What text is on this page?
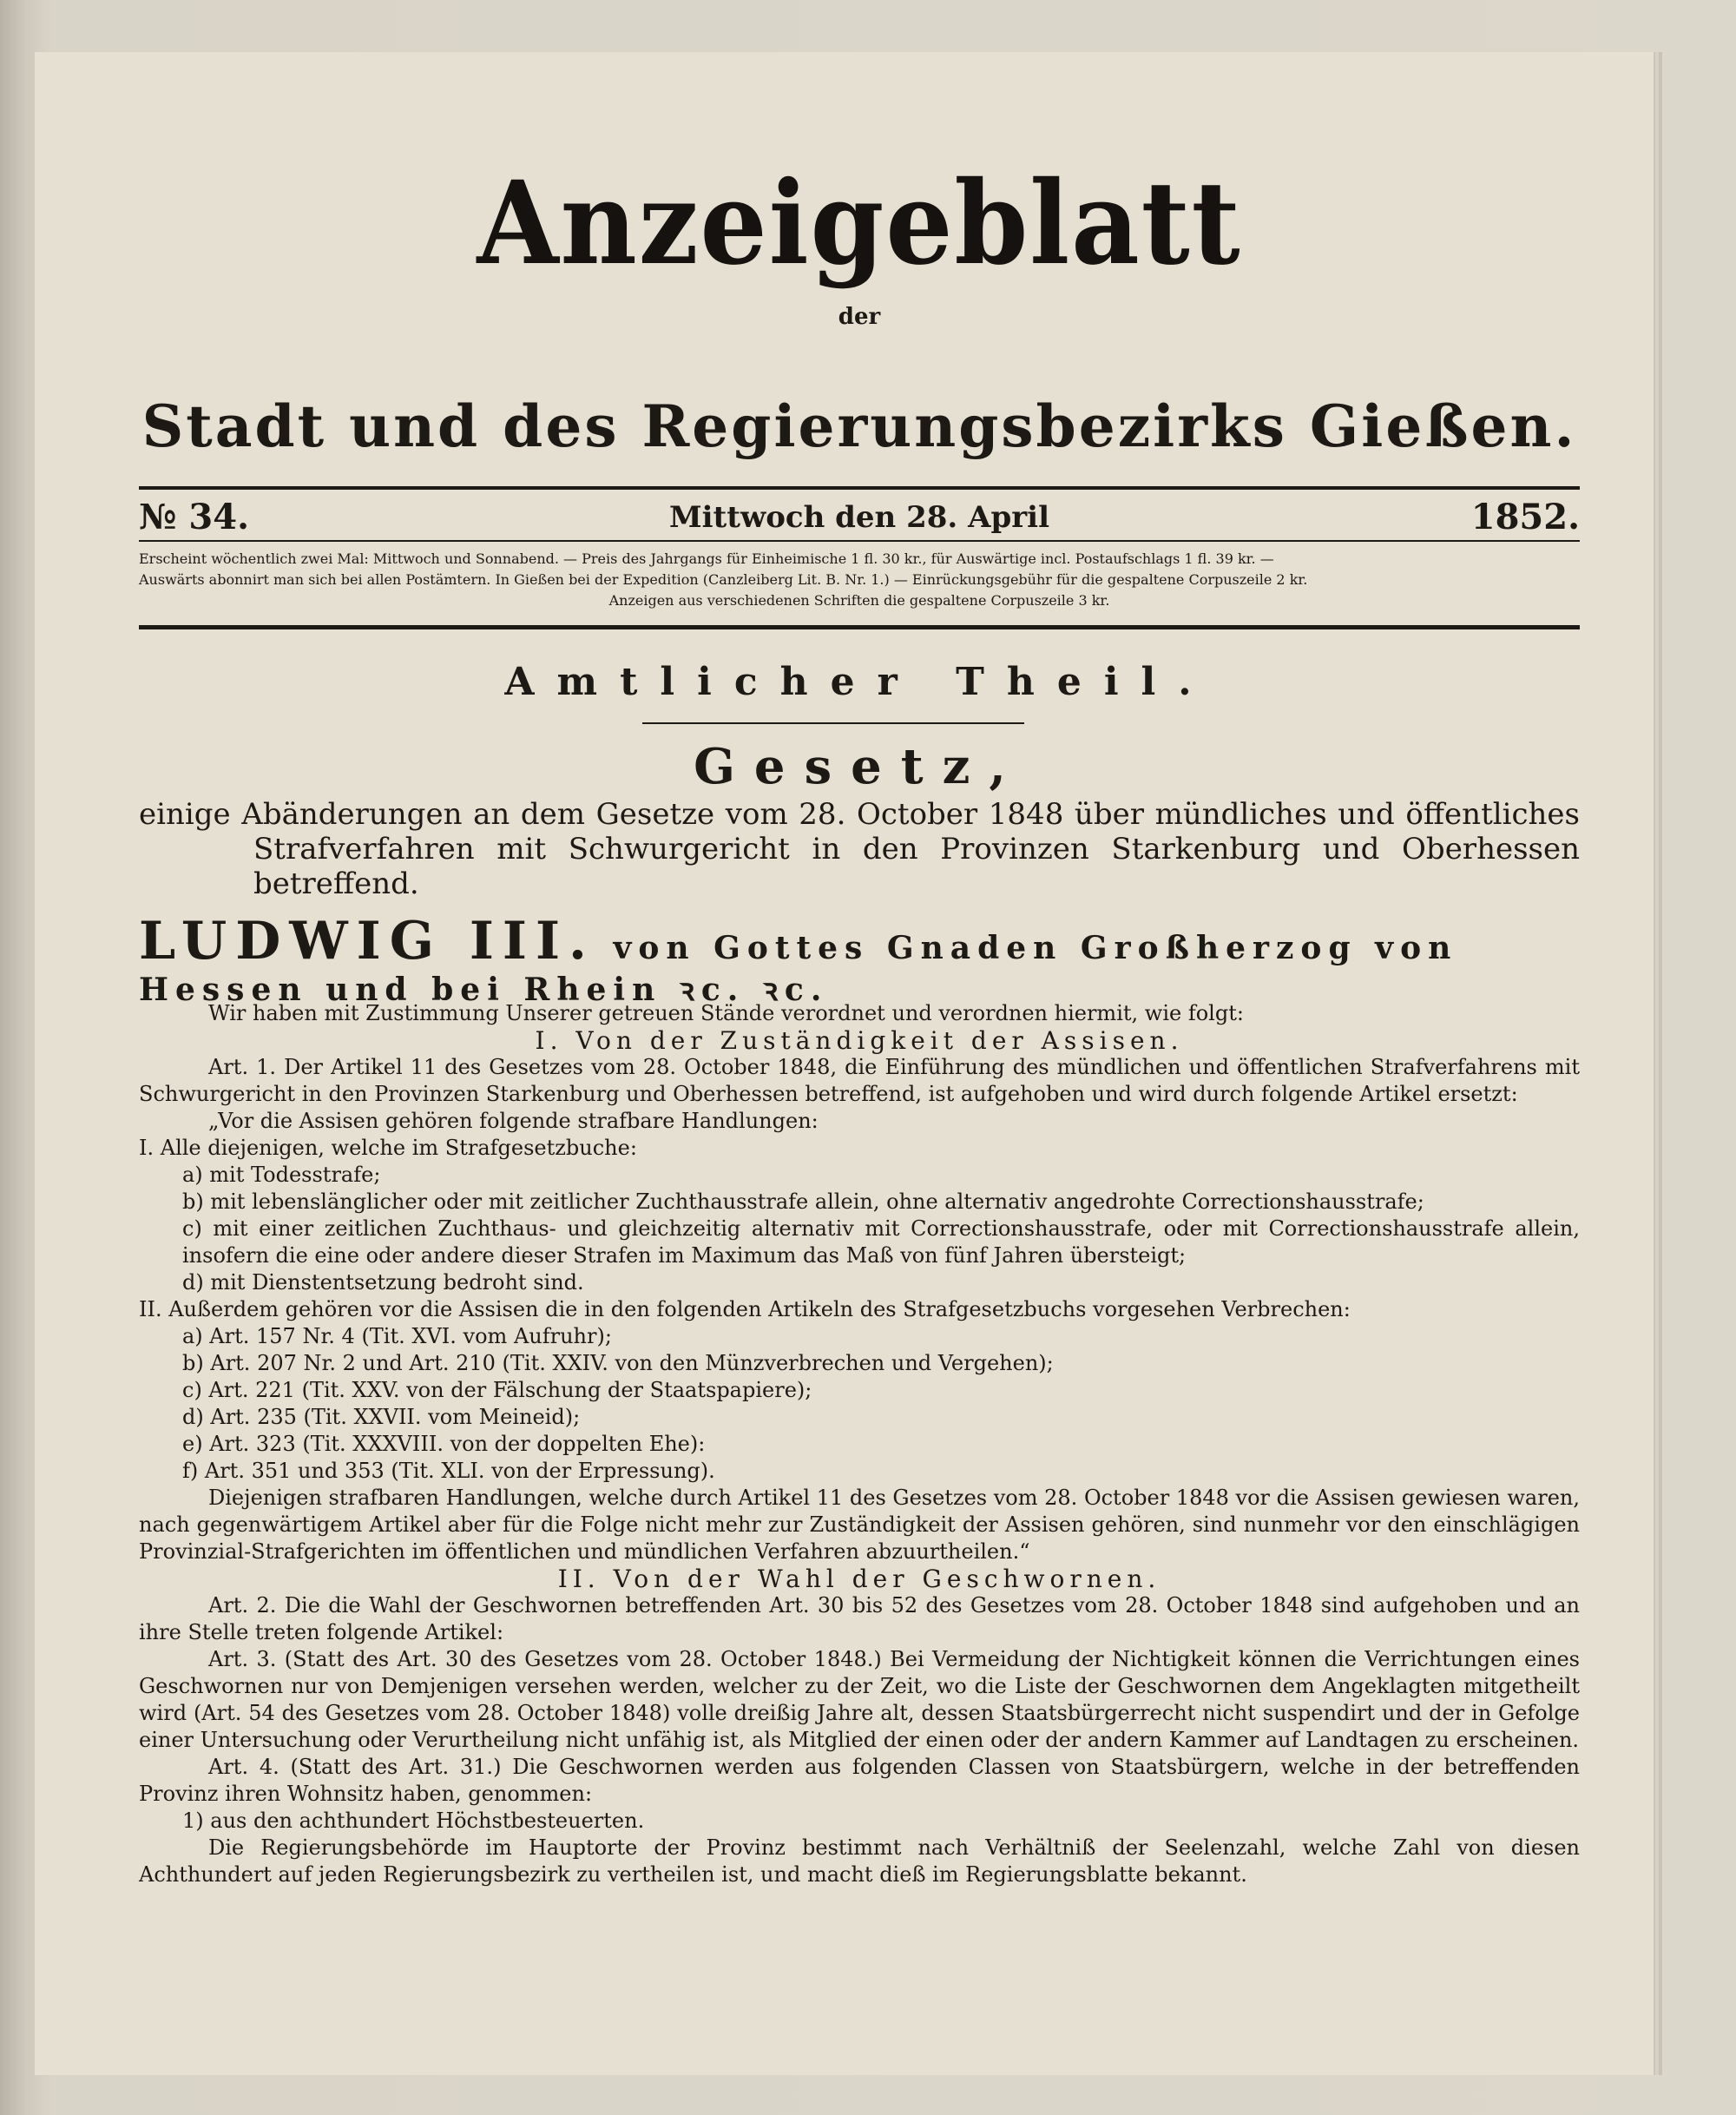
Anzeigeblatt
der
Stadt und des Regierungsbezirks Gießen.
№ 34.	Mittwoch den 28. April	1852.

Erscheint wöchentlich zwei Mal: Mittwoch und Sonnabend. — Preis des Jahrgangs für Einheimische 1 fl. 30 kr., für Auswärtige incl. Postaufschlags 1 fl. 39 kr. —

Auswärts abonnirt man sich bei allen Postämtern. In Gießen bei der Expedition (Canzleiberg Lit. B. Nr. 1.) — Einrückungsgebühr für die gespaltene Corpuszeile 2 kr.

Anzeigen aus verschiedenen Schriften die gespaltene Corpuszeile 3 kr.

Amtlicher Theil.
Gesetz,

einige Abänderungen an dem Gesetze vom 28. October 1848 über mündliches und öffentliches Strafverfahren mit Schwurgericht in den Provinzen Starkenburg und Oberhessen betreffend.

LUDWIG III. von Gottes Gnaden Großherzog von Hessen und bei Rhein ꝛc. ꝛc.

Wir haben mit Zustimmung Unserer getreuen Stände verordnet und verordnen hiermit, wie folgt:

I. Von der Zuständigkeit der Assisen.

Art. 1. Der Artikel 11 des Gesetzes vom 28. October 1848, die Einführung des mündlichen und öffentlichen Strafverfahrens mit Schwurgericht in den Provinzen Starkenburg und Oberhessen betreffend, ist aufgehoben und wird durch folgende Artikel ersetzt:

„Vor die Assisen gehören folgende strafbare Handlungen:

I. Alle diejenigen, welche im Strafgesetzbuche:

a) mit Todesstrafe;

b) mit lebenslänglicher oder mit zeitlicher Zuchthausstrafe allein, ohne alternativ angedrohte Correctionshausstrafe;

c) mit einer zeitlichen Zuchthaus- und gleichzeitig alternativ mit Correctionshausstrafe, oder mit Correctionshausstrafe allein, insofern die eine oder andere dieser Strafen im Maximum das Maß von fünf Jahren übersteigt;

d) mit Dienstentsetzung bedroht sind.

II. Außerdem gehören vor die Assisen die in den folgenden Artikeln des Strafgesetzbuchs vorgesehen Verbrechen:

a) Art. 157 Nr. 4 (Tit. XVI. vom Aufruhr);

b) Art. 207 Nr. 2 und Art. 210 (Tit. XXIV. von den Münzverbrechen und Vergehen);

c) Art. 221 (Tit. XXV. von der Fälschung der Staatspapiere);

d) Art. 235 (Tit. XXVII. vom Meineid);

e) Art. 323 (Tit. XXXVIII. von der doppelten Ehe):

f) Art. 351 und 353 (Tit. XLI. von der Erpressung).

Diejenigen strafbaren Handlungen, welche durch Artikel 11 des Gesetzes vom 28. October 1848 vor die Assisen gewiesen waren, nach gegenwärtigem Artikel aber für die Folge nicht mehr zur Zuständigkeit der Assisen gehören, sind nunmehr vor den einschlägigen Provinzial-Strafgerichten im öffentlichen und mündlichen Verfahren abzuurtheilen.“

II. Von der Wahl der Geschwornen.

Art. 2. Die die Wahl der Geschwornen betreffenden Art. 30 bis 52 des Gesetzes vom 28. October 1848 sind aufgehoben und an ihre Stelle treten folgende Artikel:

Art. 3. (Statt des Art. 30 des Gesetzes vom 28. October 1848.) Bei Vermeidung der Nichtigkeit können die Verrichtungen eines Geschwornen nur von Demjenigen versehen werden, welcher zu der Zeit, wo die Liste der Geschwornen dem Angeklagten mitgetheilt wird (Art. 54 des Gesetzes vom 28. October 1848) volle dreißig Jahre alt, dessen Staatsbürgerrecht nicht suspendirt und der in Gefolge einer Untersuchung oder Verurtheilung nicht unfähig ist, als Mitglied der einen oder der andern Kammer auf Landtagen zu erscheinen.

Art. 4. (Statt des Art. 31.) Die Geschwornen werden aus folgenden Classen von Staatsbürgern, welche in der betreffenden Provinz ihren Wohnsitz haben, genommen:

1) aus den achthundert Höchstbesteuerten.

Die Regierungsbehörde im Hauptorte der Provinz bestimmt nach Verhältniß der Seelenzahl, welche Zahl von diesen Achthundert auf jeden Regierungsbezirk zu vertheilen ist, und macht dieß im Regierungsblatte bekannt.
